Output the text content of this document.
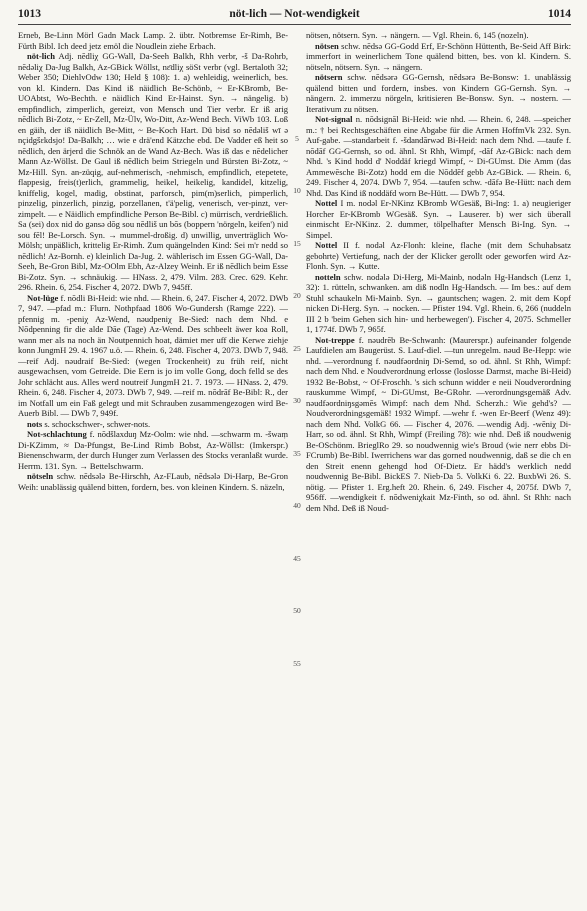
1013	nöt-lich — Not-wendigkeit	1014

Erneb, Be-Linn Mörl Gadn Mack Lamp. 2. übtr. Notbremse Er-Rimh, Be-Fürth Bibl. Ich deed jetz emöl die Noudlein ziehe Erbach.

nöt-lich Adj. nēdliχ GG-Wall, Da-Seeh Balkh, Rhh verbr, -š Da-Rohrb, nēdəliχ Da-Jug Balkh, Az-GBick Wöllst, nɛ̄dliχ söSt verbr (vgl. Bertaloth 32; Weber 350; DiehlvOdw 130; Held § 108): 1. a) wehleidig, weinerlich, bes. von kl. Kindern. Das Kind iß näidlich Be-Schönb, ~ Er-KBromb, Be-UOAbtst, Wo-Bechth. e näidlich Kind Er-Hainst. Syn. → nängelig. b) empfindlich, zimperlich, gereizt, von Mensch und Tier verbr. Er iß arig nēdlich Bi-Zotz, ~ Er-Zell, Mz-Ülv, Wo-Ditt, Az-Wend Bech. ViWb 103. Loß en gäih, der iß näidlich Be-Mitt, ~ Be-Koch Hart. Dü bisd so nēdəliš wī ə nçidgšɛkdsjo! Da-Balkh; … wie e drä'end Kätzche ebd. De Vadder eß heit so nēdlich, den ärjerd die Schnök an de Wand Az-Bech. Was iß das e nēdelicher Mann Az-Wöllst. De Gaul iß nēdlich beim Striegeln und Bürsten Bi-Zotz, ~ Mz-Hill. Syn. an-züqig, auf-nehmerisch, -nehmisch, empfindlich, etepetete, flappesig, freis(t)erlich, grammelig, heikel, heikelig, kandidel, kitzelig, kniffelig, kogel, madig, obstinat, parforsch, pim(m)serlich, pimperlich, pinzelig, pinzerlich, pinzig, porzellanen, t'ä'pelig, venerisch, ver-pinzt, ver-zimpelt. — e Näidlich empfindliche Person Be-Bibl. c) mürrisch, verdrießlich. Sa (sei) dox nid do gənsə dōg sou nēdliš un bōs (boppern 'nörgeln, keifen') nid sou fēl! Be-Lorsch. Syn. → mummel-droßig. d) unwillig, unverträglich Wo-Mölsh; unpäßlich, krittelig Er-Rimh. Zum quängelnden Kind: Sei m'r nedd so nēdlich! Az-Bornh. e) kleinlich Da-Jug. 2. wählerisch im Essen GG-Wall, Da-Seeh, Be-Gron Bibl, Mz-OOlm Ebh, Az-Alzey Weinh. Er iß nēdlich beim Esse Bi-Zotz. Syn. → schnäukig. — HNass. 2, 479. Vilm. 283. Crec. 629. Kehr. 296. Rhein. 6, 254. Fischer 4, 2072. DWb 7, 945ff.

Not-lüge f. nōdli Bi-Heid: wie nhd. — Rhein. 6, 247. Fischer 4, 2072. DWb 7, 947. —pfad m.: Flurn. Nothpfaad 1806 Wo-Gundersh (Ramge 222). —pfennig m. -peniχ Az-Wend, nəudpeniχ Be-Sied: nach dem Nhd. e Nōdpenning fir die alde Dāe (Tage) Az-Wend. Des schbeelt äwer koa Roll, wann mer als na noch än Noutpennich hoat, dämiet mer uff die Kerwe ziehje konn JungmH 29. 4. 1967 u.ö. — Rhein. 6, 248. Fischer 4, 2073. DWb 7, 948. —reif Adj. nəudraif Be-Sied: (wegen Trockenheit) zu früh reif, nicht ausgewachsen, vom Getreide. Die Eern is jo im volle Gong, doch felld se des Johr schlächt aus. Alles werd noutreif JungmH 21. 7. 1973. — HNass. 2, 479. Rhein. 6, 248. Fischer 4, 2073. DWb 7, 949. —reif m. nōdrāf Be-Bibl: R., der im Notfall um ein Faß gelegt und mit Schrauben zusammengezogen wird Be-Auerb Bibl. — DWb 7, 949f.

nots s. schockschwer-, schwer-nots.

Not-schlachtung f. nōdšlaxduŋ Mz-Oolm: wie nhd. —schwarm m. -šwaṃ Di-KZimm, ≈ Da-Pfungst, Be-Lind Rimb Bobst, Az-Wöllst: (Imkerspr.) Bienenschwarm, der durch Hunger zum Verlassen des Stocks veranlaßt wurde. Herrm. 131. Syn. → Bettelschwarm.

nötseln schw. nēdsələ Be-Hirschh, Az-FLaub, nēdsələ Di-Harp, Be-Gron Weih: unablässig quälend bitten, fordern, bes. von kleinen Kindern. S. näzeln,

5
10
15
20
25
30
35
40
45
50
55

nötsen, nötsern. Syn. → nängern. — Vgl. Rhein. 6, 145 (nozeln).

nötsen schw. nēdsə GG-Godd Erf, Er-Schönn Hüttenth, Be-Seid Aff Birk: immerfort in weinerlichem Tone quälend bitten, bes. von kl. Kindern. S. nötseln, nötsern. Syn. → nängern.

nötsern schw. nēdsərə GG-Gernsh, nēdsərə Be-Bonsw: 1. unablässig quälend bitten und fordern, insbes. von Kindern GG-Gernsh. Syn. → nängern. 2. immerzu nörgeln, kritisieren Be-Bonsw. Syn. → nostern. — Iterativum zu nötsen.

Not-signal n. nōdsignāl Bi-Heid: wie nhd. — Rhein. 6, 248. —speicher m.: † bei Rechtsgeschäften eine Abgabe für die Armen HoffmVk 232. Syn. Auf-gabe. —standarbeit f. -šdandārwəd Bi-Heid: nach dem Nhd. —taufe f. nōdāf GG-Gernsh, so od. ähnl. St Rhh, Wimpf, -dāf Az-GBick: nach dem Nhd. 's Kind hodd d' Noddäf kriegd Wimpf, ~ Di-GUmst. Die Amm (das Ammewēsche Bi-Zotz) hodd em die Nōddēf gebb Az-GBick. — Rhein. 6, 249. Fischer 4, 2074. DWb 7, 954. —taufen schw. -dāfə Be-Hütt: nach dem Nhd. Das Kind iß noddäfd worn Be-Hütt. — DWb 7, 954.

Nottel I m. nodəl Er-NKinz KBromb WGesäß, Bi-Ing: 1. a) neugieriger Horcher Er-KBromb WGesäß. Syn. → Lauserer. b) wer sich überall einmischt Er-NKinz. 2. dummer, tölpelhafter Mensch Bi-Ing. Syn. → Simpel.

Nottel II f. nodəl Az-Flonh: kleine, flache (mit dem Schuhabsatz gebohrte) Vertiefung, nach der der Klicker gerollt oder geworfen wird Az-Flonh. Syn. → Kutte.

notteln schw. nodələ Di-Herg, Mi-Mainb, nodəln Hg-Handsch (Lenz 1, 32): 1. rütteln, schwanken. am diß nodln Hg-Handsch. — Im bes.: auf dem Stuhl schaukeln Mi-Mainb. Syn. → gauntschen; wagen. 2. mit dem Kopf nicken Di-Herg. Syn. → nocken. — Pfister 194. Vgl. Rhein. 6, 266 (nuddeln III 2 b 'beim Gehen sich hin- und herbewegen'). Fischer 4, 2075. Schmeller 1, 1774f. DWb 7, 965f.

Not-treppe f. nəudrēb Be-Schwanh: (Maurerspr.) aufeinander folgende Laufdielen am Baugerüst. S. Lauf-diel. —tun unregelm. nəud Be-Hepp: wie nhd. —verordnung f. nəudfəordniŋ Di-Semd, so od. ähnl. St Rhh, Wimpf: nach dem Nhd. e Noudverordnung erlosse (loslosse Darmst, mache Bi-Heid) 1932 Be-Bobst, ~ Of-Froschh. 's sich schunn widder e neii Noudverordning rauskumme Wimpf, ~ Di-GUmst, Be-GRohr. —verordnungsgemäß Adv. nəudfəordniŋsgəmēs Wimpf: nach dem Nhd. Scherzh.: Wie gehd's? — Noudverordningsgemäß! 1932 Wimpf. —wehr f. -wen Er-Beerf (Wenz 49): nach dem Nhd. VolkG 66. — Fischer 4, 2076. —wendig Adj. -wēniχ Di-Harr, so od. ähnl. St Rhh, Wimpf (Freiling 78): wie nhd. Deß iß noudwenig Be-OSchönm. BrieglRo 29. so noudwennig wie's Broud (wie nerr ebbs Di-FCrumb) Be-Bibl. Iwerrichens war das gorned noudwennig, daß se die ch en den Streit enenn gehengd hod Of-Dietz. Er hädd's werklich nedd noudwennig Be-Bibl. BickES 7. Nieb-Da 5. VolkKi 6. 22. BuxbWi 26. S. nötig. — Pfister 1. Erg.heft 20. Rhein. 6, 249. Fischer 4, 2075f. DWb 7, 956ff. —wendigkeit f. nōdweniχkait Mz-Finth, so od. ähnl. St Rhh: nach dem Nhd. Deß iß Noud-
